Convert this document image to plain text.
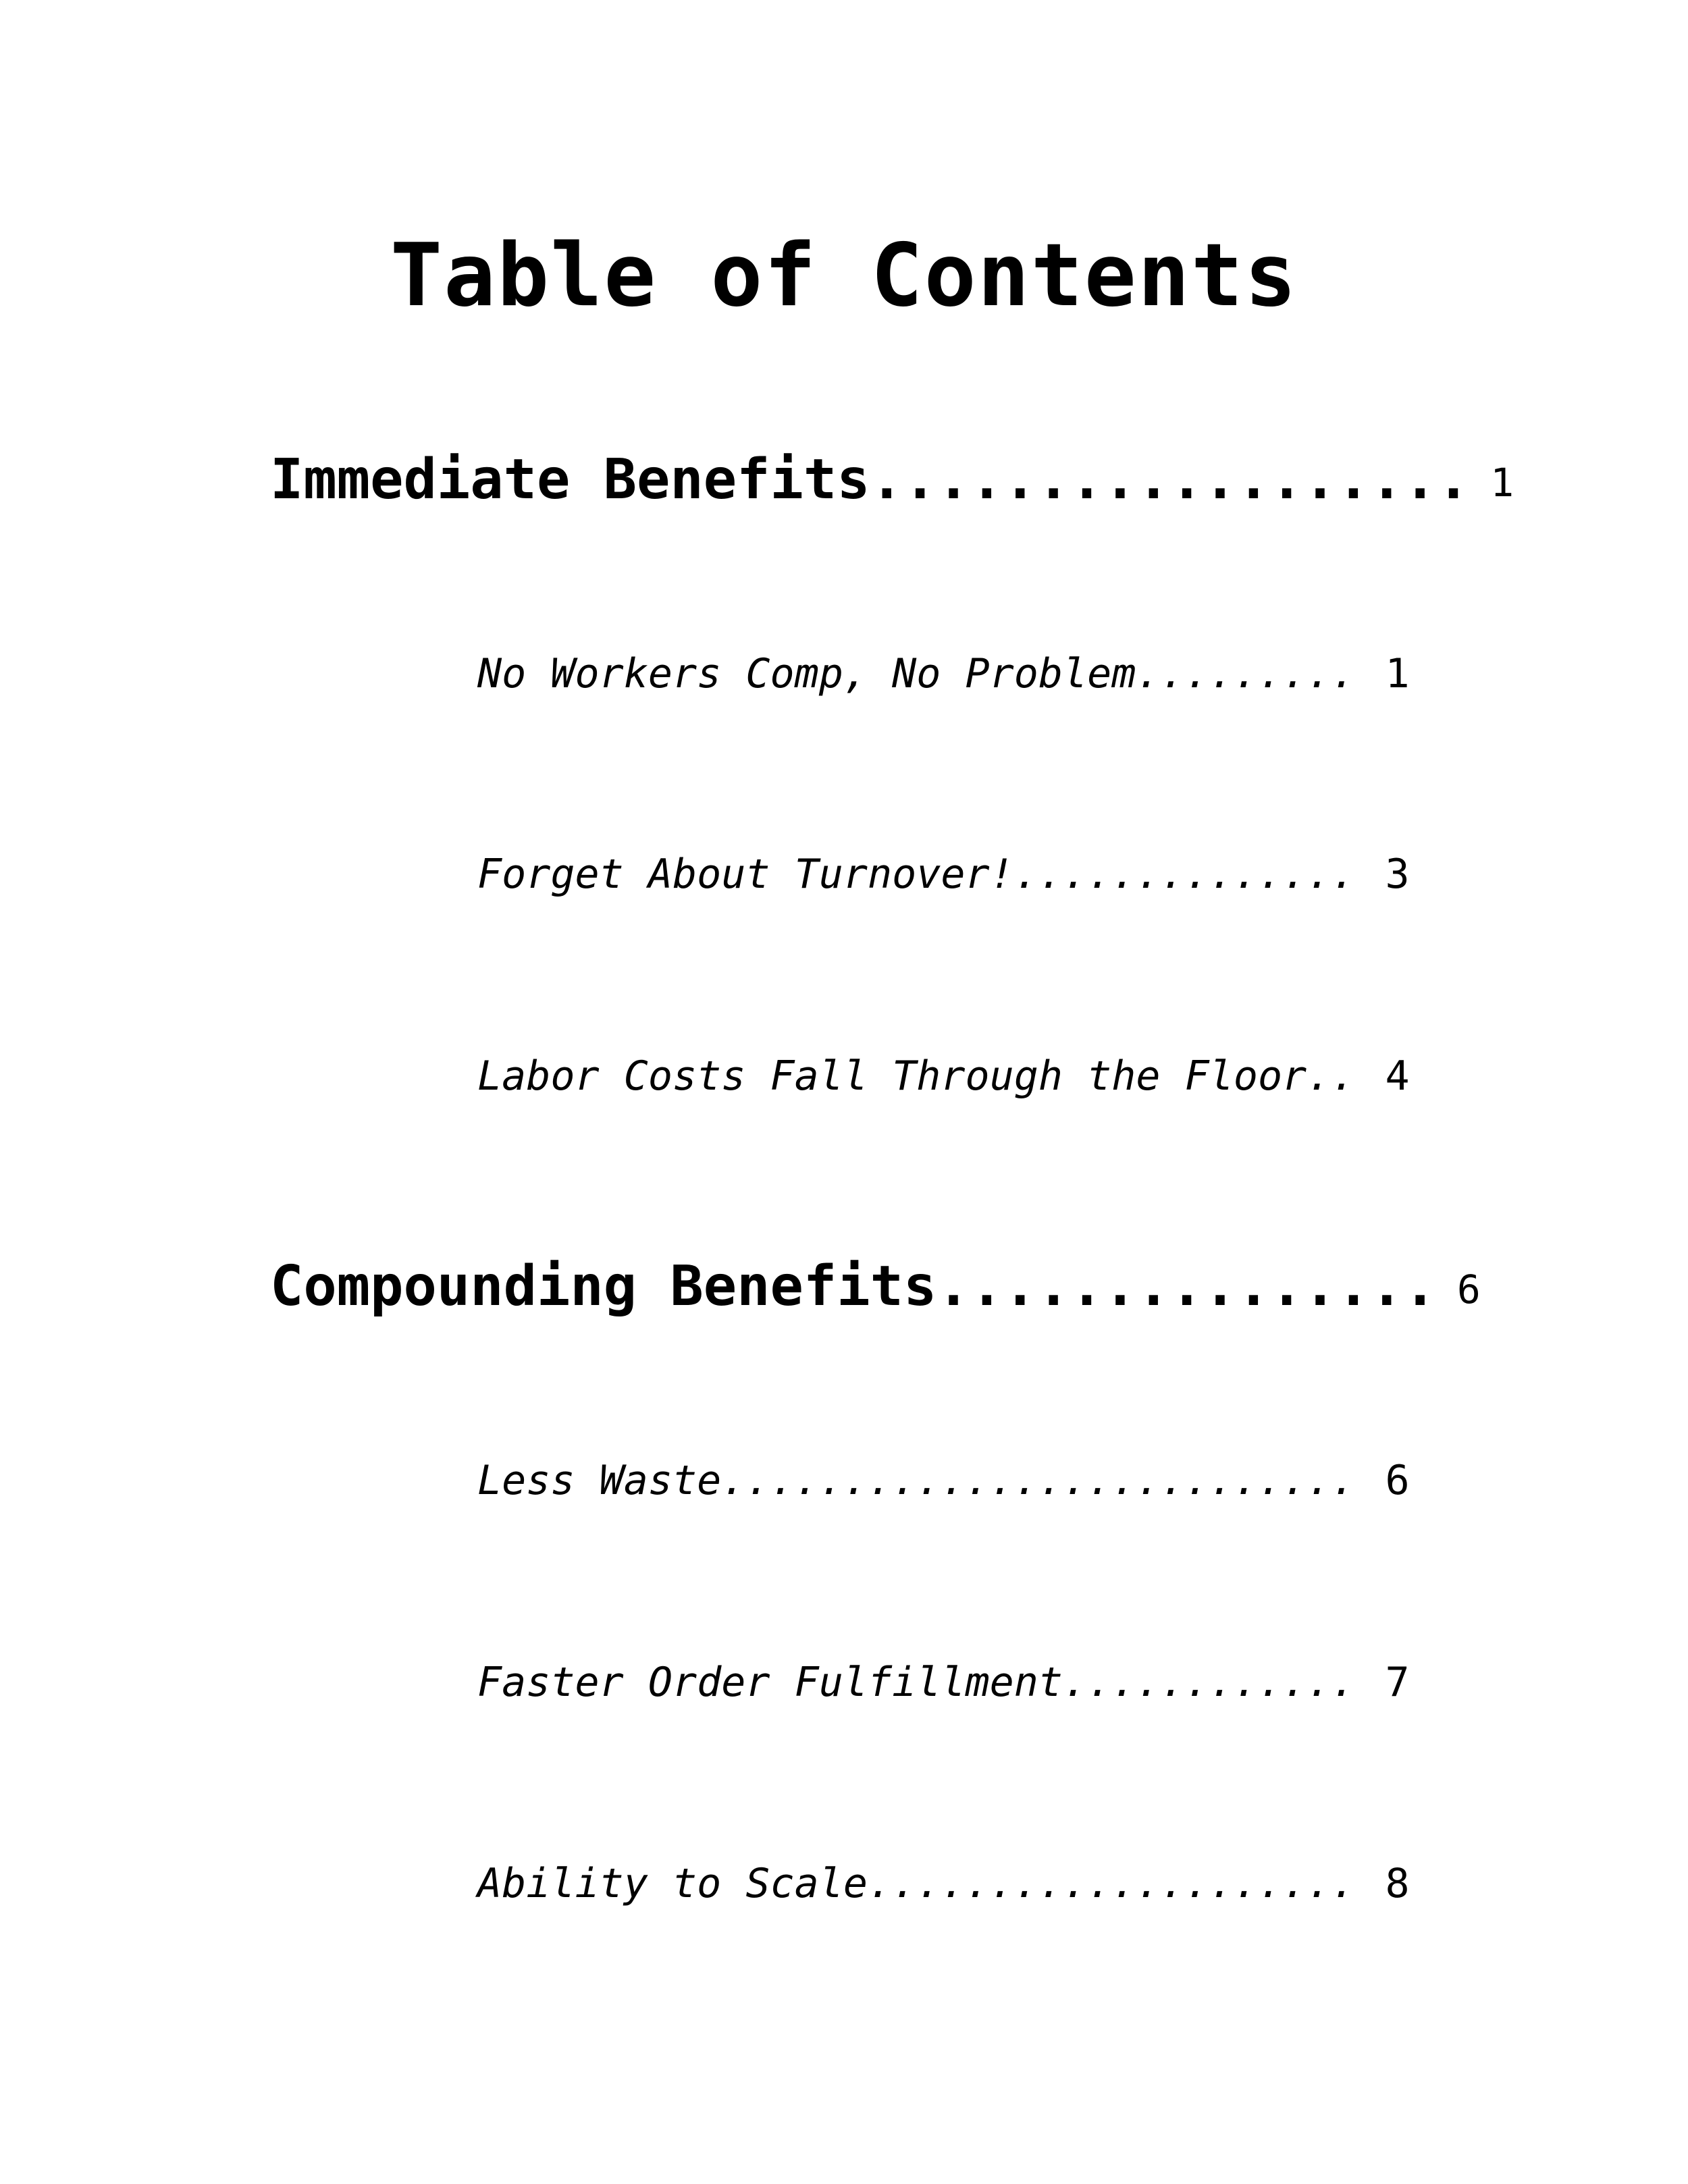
Table of Contents
Immediate Benefits.................. 1
No Workers Comp, No Problem......... 1
Forget About Turnover!.............. 3
Labor Costs Fall Through the Floor.. 4
Compounding Benefits............... 6
Less Waste.......................... 6
Faster Order Fulfillment............ 7
Ability to Scale.................... 8
